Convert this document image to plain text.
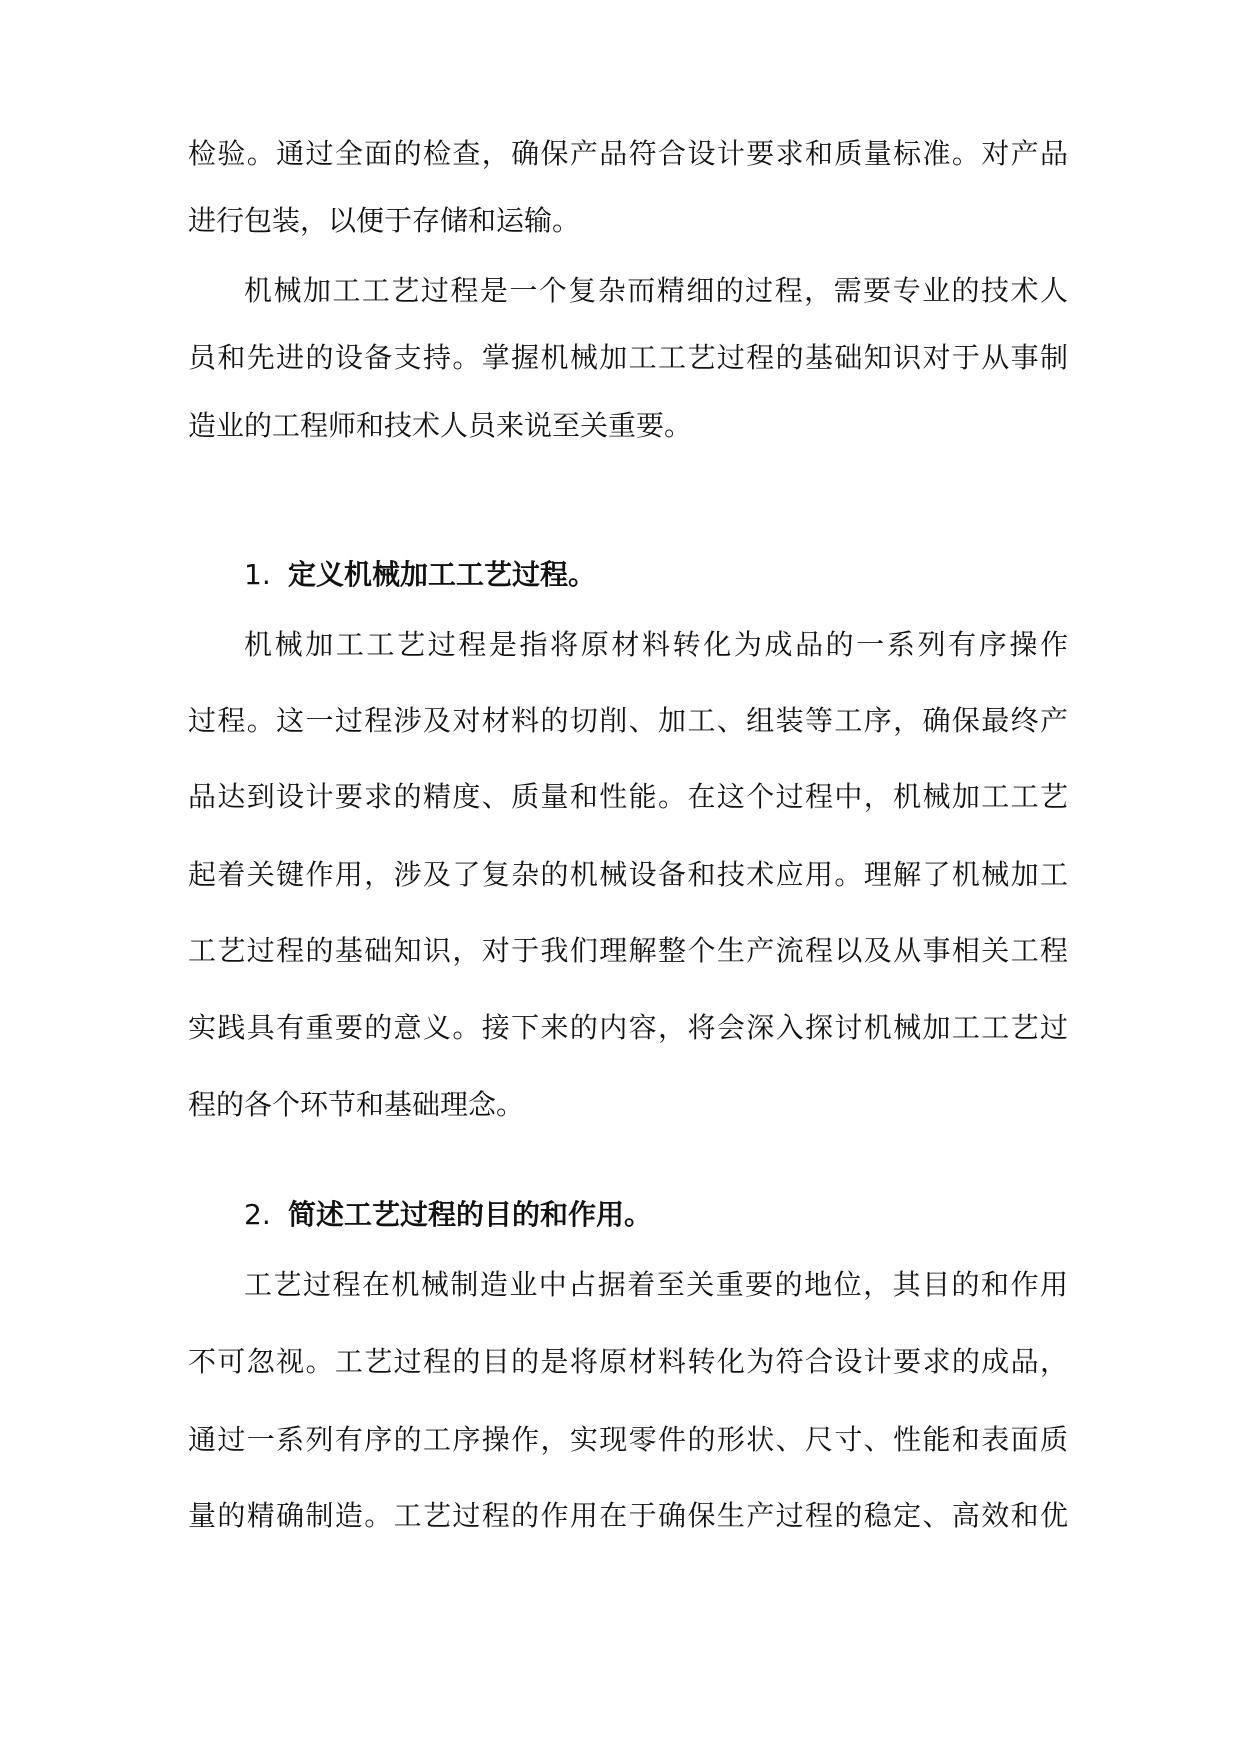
检验。通过全面的检查，确保产品符合设计要求和质量标准。对产品
进行包装，以便于存储和运输。
机械加工工艺过程是一个复杂而精细的过程，需要专业的技术人
员和先进的设备支持。掌握机械加工工艺过程的基础知识对于从事制
造业的工程师和技术人员来说至关重要。
1. 定义机械加工工艺过程。
机械加工工艺过程是指将原材料转化为成品的一系列有序操作
过程。这一过程涉及对材料的切削、加工、组装等工序，确保最终产
品达到设计要求的精度、质量和性能。在这个过程中，机械加工工艺
起着关键作用，涉及了复杂的机械设备和技术应用。理解了机械加工
工艺过程的基础知识，对于我们理解整个生产流程以及从事相关工程
实践具有重要的意义。接下来的内容，将会深入探讨机械加工工艺过
程的各个环节和基础理念。
2. 简述工艺过程的目的和作用。
工艺过程在机械制造业中占据着至关重要的地位，其目的和作用
不可忽视。工艺过程的目的是将原材料转化为符合设计要求的成品，
通过一系列有序的工序操作，实现零件的形状、尺寸、性能和表面质
量的精确制造。工艺过程的作用在于确保生产过程的稳定、高效和优
